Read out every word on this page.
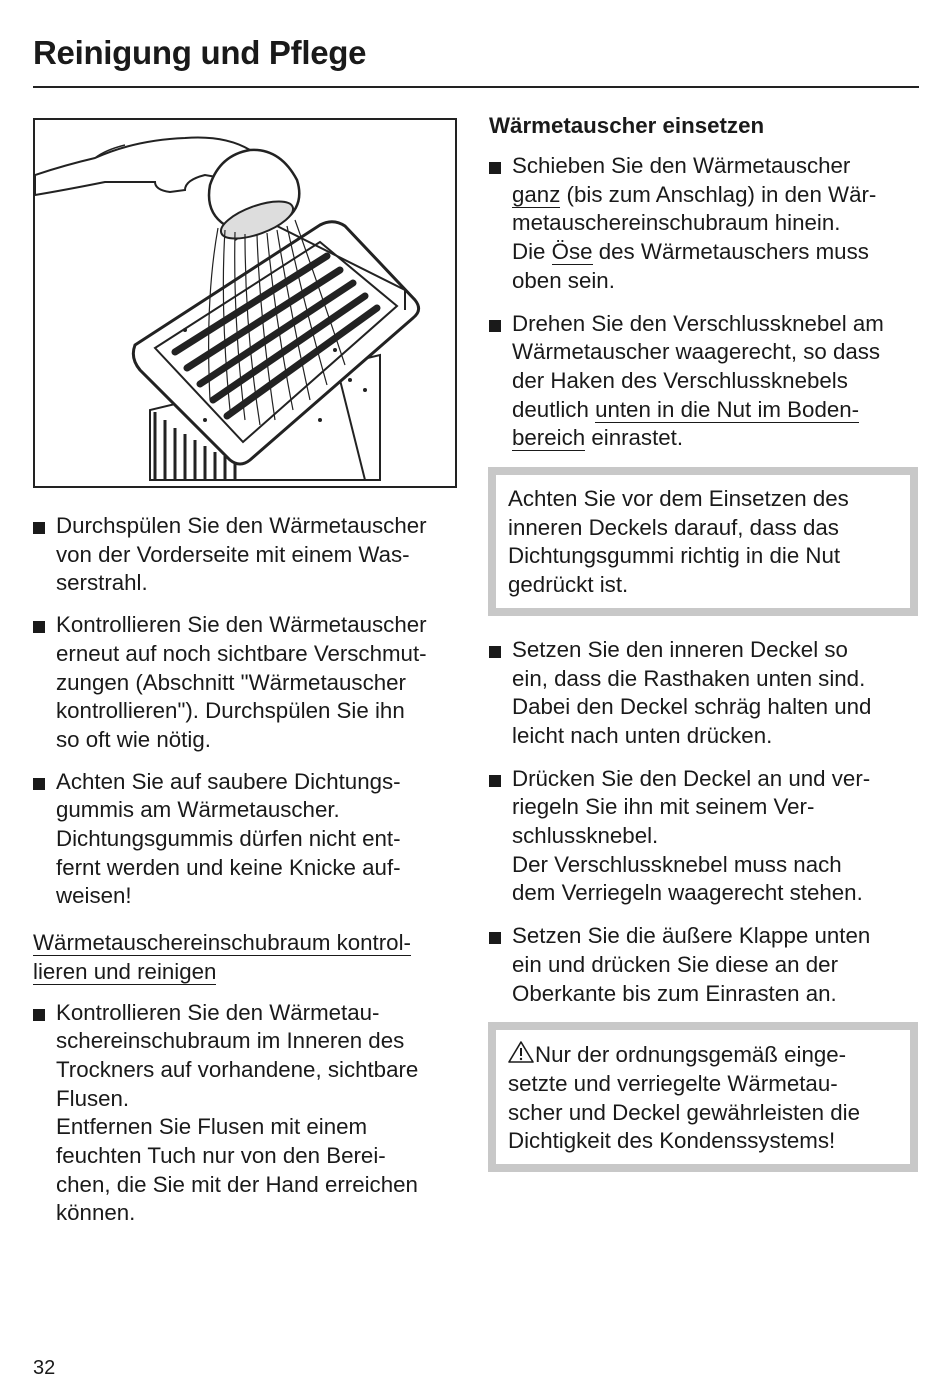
Reinigung und Pflege

Durchspülen Sie den Wärmetauscher

von der Vorderseite mit einem Was-

serstrahl.

Kontrollieren Sie den Wärmetauscher

erneut auf noch sichtbare Verschmut-

zungen (Abschnitt "Wärmetauscher

kontrollieren"). Durchspülen Sie ihn

so oft wie nötig.

Achten Sie auf saubere Dichtungs-

gummis am Wärmetauscher.

Dichtungsgummis dürfen nicht ent-

fernt werden und keine Knicke auf-

weisen!

Wärmetauschereinschubraum kontrol-
lieren und reinigen

Kontrollieren Sie den Wärmetau-

schereinschubraum im Inneren des

Trockners auf vorhandene, sichtbare

Flusen.

Entfernen Sie Flusen mit einem

feuchten Tuch nur von den Berei-

chen, die Sie mit der Hand erreichen

können.

Wärmetauscher einsetzen

Schieben Sie den Wärmetauscher

ganz (bis zum Anschlag) in den Wär-

metauschereinschubraum hinein.

Die Öse des Wärmetauschers muss

oben sein.

Drehen Sie den Verschlussknebel am

Wärmetauscher waagerecht, so dass

der Haken des Verschlussknebels

deutlich unten in die Nut im Boden-

bereich einrastet.

Achten Sie vor dem Einsetzen des

inneren Deckels darauf, dass das

Dichtungsgummi richtig in die Nut

gedrückt ist.

Setzen Sie den inneren Deckel so

ein, dass die Rasthaken unten sind.

Dabei den Deckel schräg halten und

leicht nach unten drücken.

Drücken Sie den Deckel an und ver-

riegeln Sie ihn mit seinem Ver-

schlussknebel.

Der Verschlussknebel muss nach

dem Verriegeln waagerecht stehen.

Setzen Sie die äußere Klappe unten

ein und drücken Sie diese an der

Oberkante bis zum Einrasten an.

Nur der ordnungsgemäß einge-

setzte und verriegelte Wärmetau-

scher und Deckel gewährleisten die

Dichtigkeit des Kondenssystems!

32
